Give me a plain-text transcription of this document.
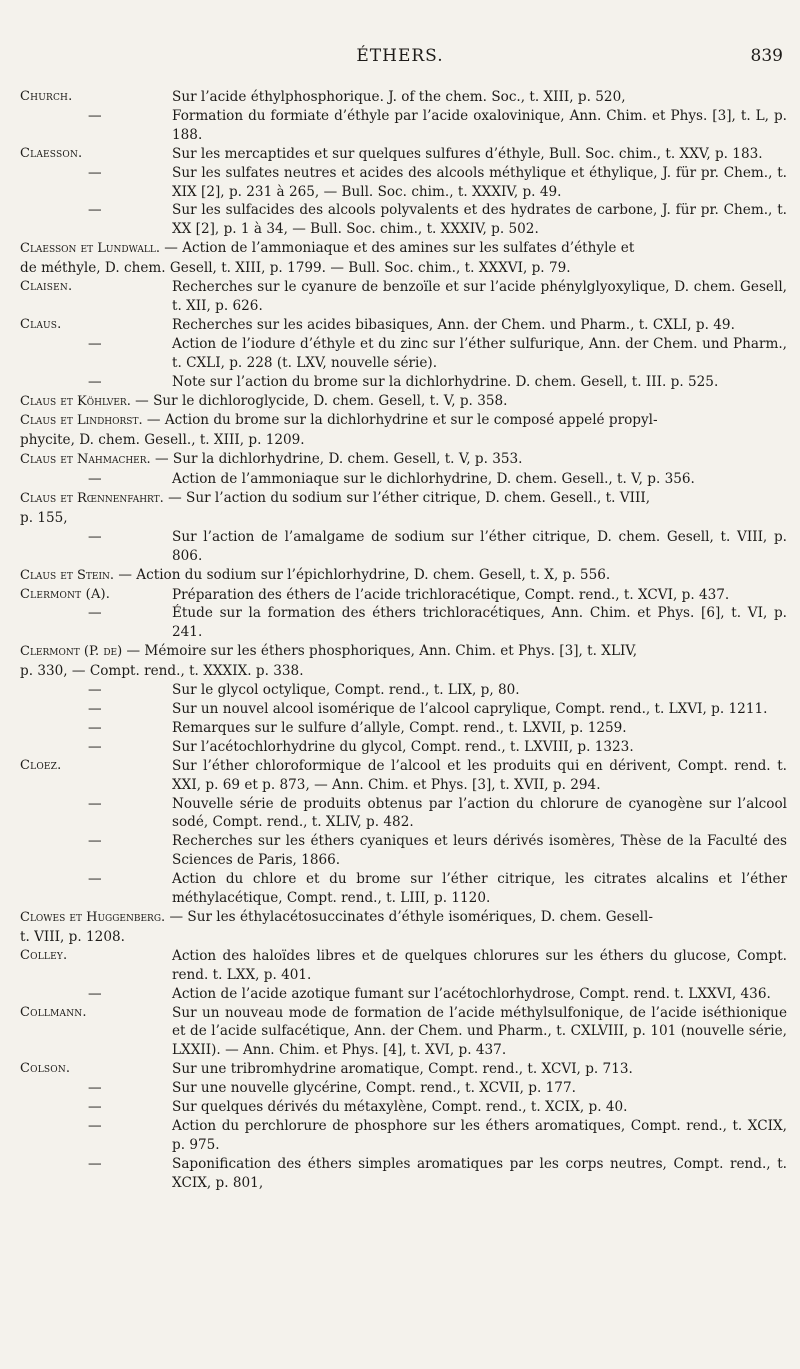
ÉTHERS.	839
Church.	Sur l’acide éthylphosphorique. J. of the chem. Soc., t. XIII, p. 520,
—	Formation du formiate d’éthyle par l’acide oxalovinique, Ann. Chim. et Phys. [3], t. L, p. 188.
Claesson.	Sur les mercaptides et sur quelques sulfures d’éthyle, Bull. Soc. chim., t. XXV, p. 183.
—	Sur les sulfates neutres et acides des alcools méthylique et éthylique, J. für pr. Chem., t. XIX [2], p. 231 à 265, — Bull. Soc. chim., t. XXXIV, p. 49.
—	Sur les sulfacides des alcools polyvalents et des hydrates de carbone, J. für pr. Chem., t. XX [2], p. 1 à 34, — Bull. Soc. chim., t. XXXIV, p. 502.
Claesson et Lundwall. — Action de l’ammoniaque et des amines sur les sulfates d’éthyle et
de méthyle, D. chem. Gesell, t. XIII, p. 1799. — Bull. Soc. chim., t. XXXVI, p. 79.
Claisen.	Recherches sur le cyanure de benzoïle et sur l’acide phénylglyoxylique, D. chem. Gesell, t. XII, p. 626.
Claus.	Recherches sur les acides bibasiques, Ann. der Chem. und Pharm., t. CXLI, p. 49.
—	Action de l’iodure d’éthyle et du zinc sur l’éther sulfurique, Ann. der Chem. und Pharm., t. CXLI, p. 228 (t. LXV, nouvelle série).
—	Note sur l’action du brome sur la dichlorhydrine. D. chem. Gesell, t. III. p. 525.
Claus et Köhlver. — Sur le dichloroglycide, D. chem. Gesell, t. V, p. 358.
Claus et Lindhorst. — Action du brome sur la dichlorhydrine et sur le composé appelé propyl-
phycite, D. chem. Gesell., t. XIII, p. 1209.
Claus et Nahmacher. — Sur la dichlorhydrine, D. chem. Gesell, t. V, p. 353.
—	Action de l’ammoniaque sur le dichlorhydrine, D. chem. Gesell., t. V, p. 356.
Claus et Rœnnenfahrt. — Sur l’action du sodium sur l’éther citrique, D. chem. Gesell., t. VIII,
p. 155,
—	Sur l’action de l’amalgame de sodium sur l’éther citrique, D. chem. Gesell, t. VIII, p. 806.
Claus et Stein. — Action du sodium sur l’épichlorhydrine, D. chem. Gesell, t. X, p. 556.
Clermont (A).	Préparation des éthers de l’acide trichloracétique, Compt. rend., t. XCVI, p. 437.
—	Étude sur la formation des éthers trichloracétiques, Ann. Chim. et Phys. [6], t. VI, p. 241.
Clermont (P. de) — Mémoire sur les éthers phosphoriques, Ann. Chim. et Phys. [3], t. XLIV,
p. 330, — Compt. rend., t. XXXIX. p. 338.
—	Sur le glycol octylique, Compt. rend., t. LIX, p, 80.
—	Sur un nouvel alcool isomérique de l’alcool caprylique, Compt. rend., t. LXVI, p. 1211.
—	Remarques sur le sulfure d’allyle, Compt. rend., t. LXVII, p. 1259.
—	Sur l’acétochlorhydrine du glycol, Compt. rend., t. LXVIII, p. 1323.
Cloez.	Sur l’éther chloroformique de l’alcool et les produits qui en dérivent, Compt. rend. t. XXI, p. 69 et p. 873, — Ann. Chim. et Phys. [3], t. XVII, p. 294.
—	Nouvelle série de produits obtenus par l’action du chlorure de cyanogène sur l’alcool sodé, Compt. rend., t. XLIV, p. 482.
—	Recherches sur les éthers cyaniques et leurs dérivés isomères, Thèse de la Faculté des Sciences de Paris, 1866.
—	Action du chlore et du brome sur l’éther citrique, les citrates alcalins et l’éther méthylacétique, Compt. rend., t. LIII, p. 1120.
Clowes et Huggenberg. — Sur les éthylacétosuccinates d’éthyle isomériques, D. chem. Gesell-
t. VIII, p. 1208.
Colley.	Action des haloïdes libres et de quelques chlorures sur les éthers du glucose, Compt. rend. t. LXX, p. 401.
—	Action de l’acide azotique fumant sur l’acétochlorhydrose, Compt. rend. t. LXXVI, 436.
Collmann.	Sur un nouveau mode de formation de l’acide méthylsulfonique, de l’acide iséthionique et de l’acide sulfacétique, Ann. der Chem. und Pharm., t. CXLVIII, p. 101 (nouvelle série, LXXII). — Ann. Chim. et Phys. [4], t. XVI, p. 437.
Colson.	Sur une tribromhydrine aromatique, Compt. rend., t. XCVI, p. 713.
—	Sur une nouvelle glycérine, Compt. rend., t. XCVII, p. 177.
—	Sur quelques dérivés du métaxylène, Compt. rend., t. XCIX, p. 40.
—	Action du perchlorure de phosphore sur les éthers aromatiques, Compt. rend., t. XCIX, p. 975.
—	Saponification des éthers simples aromatiques par les corps neutres, Compt. rend., t. XCIX, p. 801,
